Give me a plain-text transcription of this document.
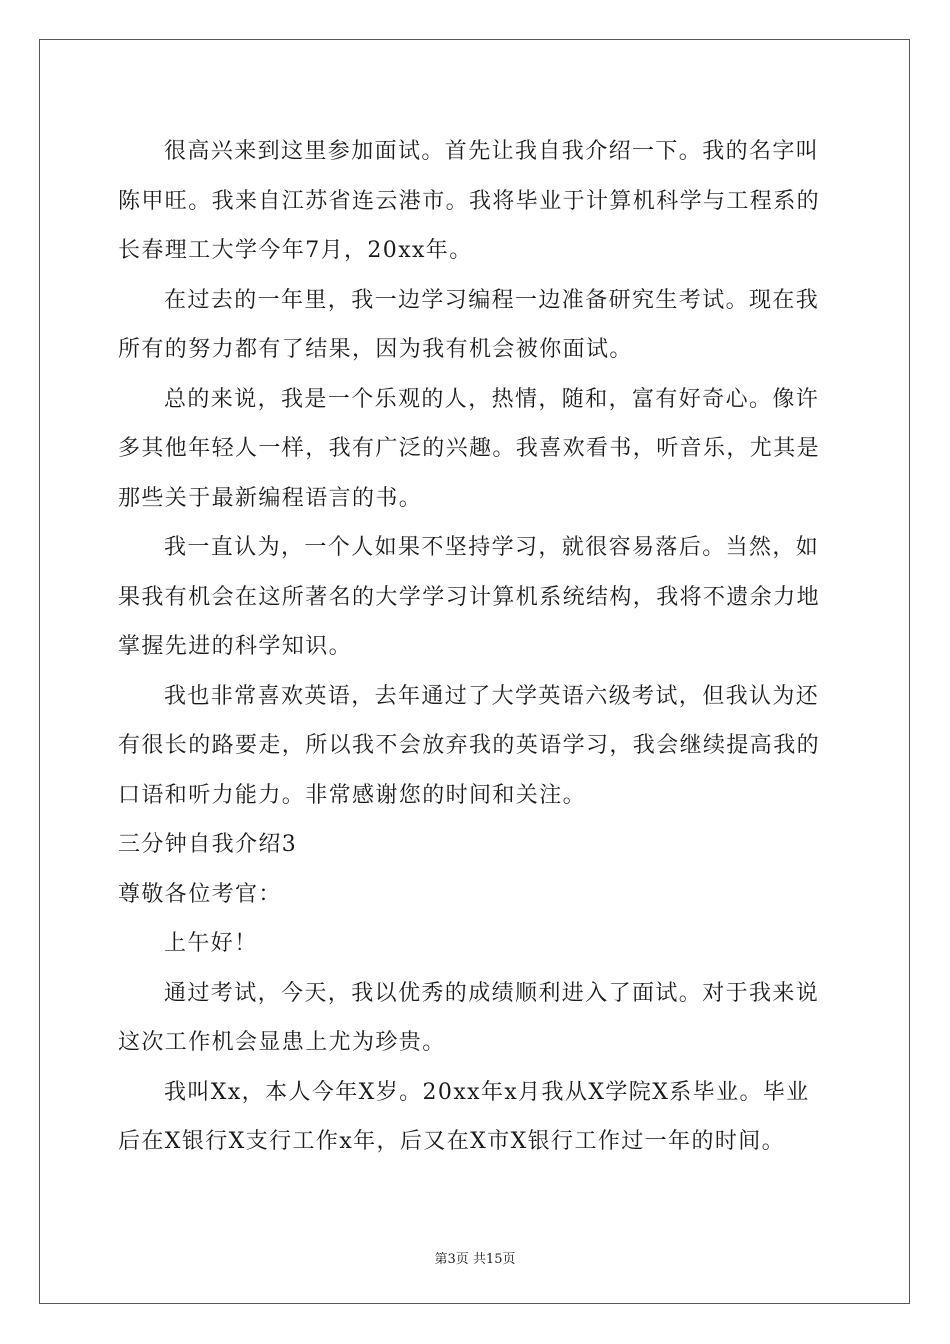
很高兴来到这里参加面试。首先让我自我介绍一下。我的名字叫
陈甲旺。我来自江苏省连云港市。我将毕业于计算机科学与工程系的
长春理工大学今年7月，20xx年。
在过去的一年里，我一边学习编程一边准备研究生考试。现在我
所有的努力都有了结果，因为我有机会被你面试。
总的来说，我是一个乐观的人，热情，随和，富有好奇心。像许
多其他年轻人一样，我有广泛的兴趣。我喜欢看书，听音乐，尤其是
那些关于最新编程语言的书。
我一直认为，一个人如果不坚持学习，就很容易落后。当然，如
果我有机会在这所著名的大学学习计算机系统结构，我将不遗余力地
掌握先进的科学知识。
我也非常喜欢英语，去年通过了大学英语六级考试，但我认为还
有很长的路要走，所以我不会放弃我的英语学习，我会继续提高我的
口语和听力能力。非常感谢您的时间和关注。
三分钟自我介绍3
尊敬各位考官：
上午好！
通过考试，今天，我以优秀的成绩顺利进入了面试。对于我来说
这次工作机会显患上尤为珍贵。
我叫Xx，本人今年X岁。20xx年x月我从X学院X系毕业。毕业
后在X银行X支行工作x年，后又在X市X银行工作过一年的时间。
第3页 共15页
